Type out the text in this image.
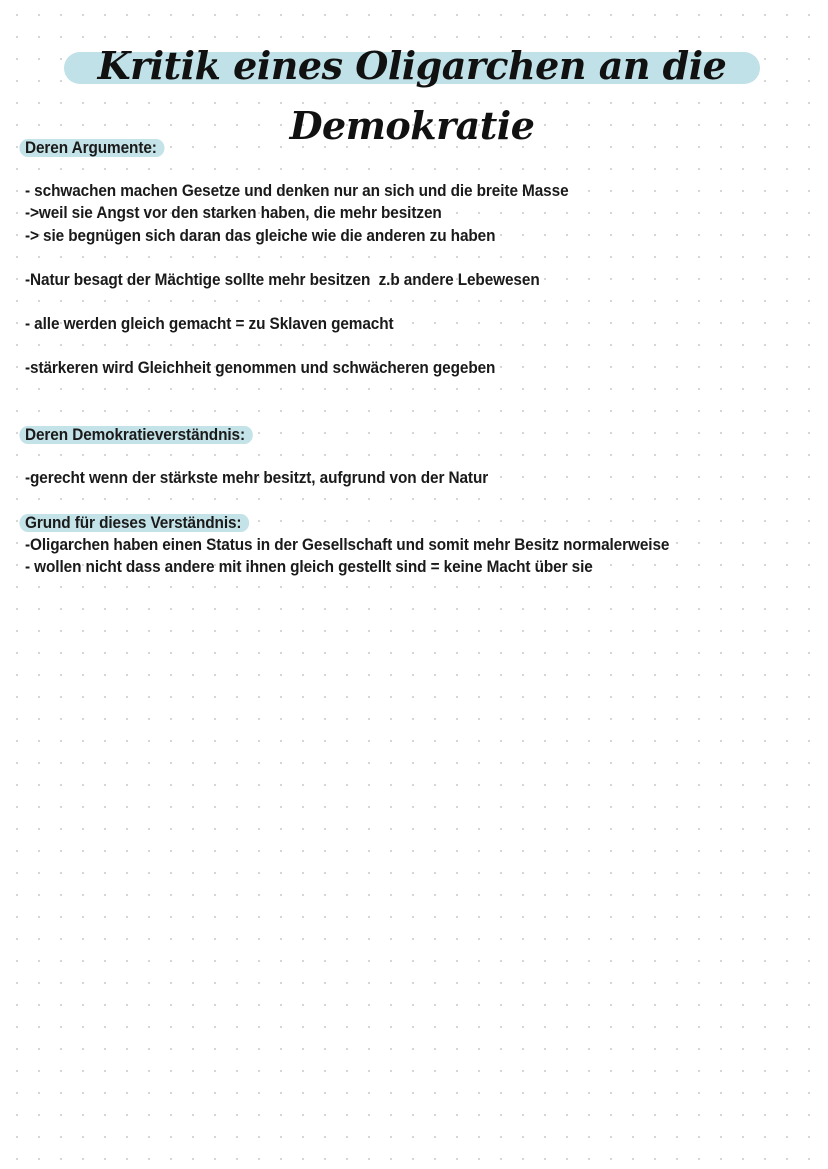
Kritik eines Oligarchen an die Demokratie
Deren Argumente:
- schwachen machen Gesetze und denken nur an sich und die breite Masse
->weil sie Angst vor den starken haben, die mehr besitzen
-> sie begnügen sich daran das gleiche wie die anderen zu haben
-Natur besagt der Mächtige sollte mehr besitzen  z.b andere Lebewesen
- alle werden gleich gemacht = zu Sklaven gemacht
-stärkeren wird Gleichheit genommen und schwächeren gegeben
Deren Demokratieverständnis:
-gerecht wenn der stärkste mehr besitzt, aufgrund von der Natur
Grund für dieses Verständnis:
-Oligarchen haben einen Status in der Gesellschaft und somit mehr Besitz normalerweise
- wollen nicht dass andere mit ihnen gleich gestellt sind = keine Macht über sie
